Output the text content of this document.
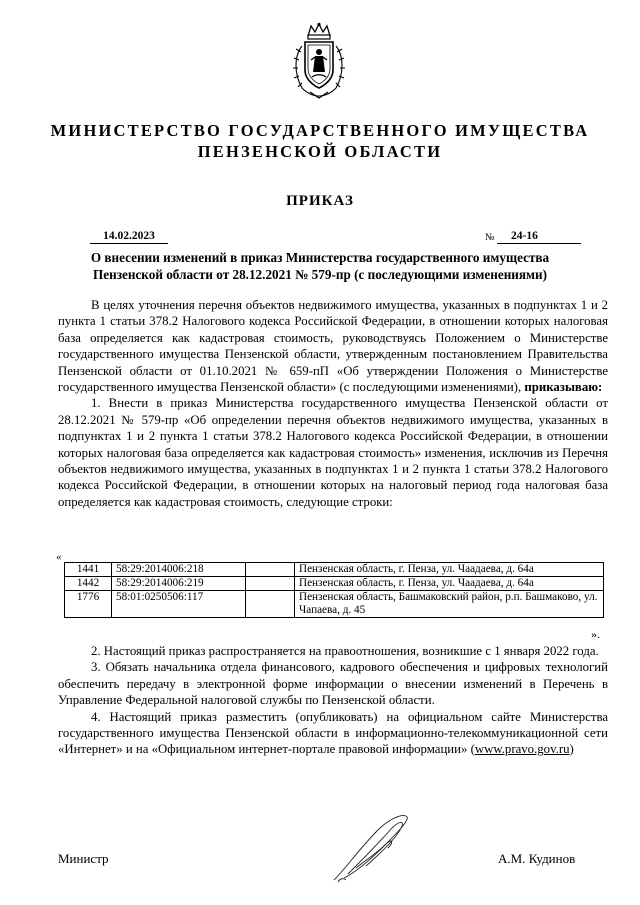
МИНИСТЕРСТВО ГОСУДАРСТВЕННОГО ИМУЩЕСТВА
ПЕНЗЕНСКОЙ ОБЛАСТИ
ПРИКАЗ
14.02.2023	№	24-16
О внесении изменений в приказ Министерства государственного имущества Пензенской области от 28.12.2021 № 579-пр (с последующими изменениями)

В целях уточнения перечня объектов недвижимого имущества, указанных в подпунктах 1 и 2 пункта 1 статьи 378.2 Налогового кодекса Российской Федерации, в отношении которых налоговая база определяется как кадастровая стоимость, руководствуясь Положением о Министерстве государственного имущества Пензенской области, утвержденным постановлением Правительства Пензенской области от 01.10.2021 № 659-пП «Об утверждении Положения о Министерстве государственного имущества Пензенской области» (с последующими изменениями), приказываю:

1. Внести в приказ Министерства государственного имущества Пензенской области от 28.12.2021 № 579-пр «Об определении перечня объектов недвижимого имущества, указанных в подпунктах 1 и 2 пункта 1 статьи 378.2 Налогового кодекса Российской Федерации, в отношении которых налоговая база определяется как кадастровая стоимость» изменения, исключив из Перечня объектов недвижимого имущества, указанных в подпунктах 1 и 2 пункта 1 статьи 378.2 Налогового кодекса Российской Федерации, в отношении которых на налоговый период года налоговая база определяется как кадастровая стоимость, следующие строки:

«
1441	58:29:2014006:218		Пензенская область, г. Пенза, ул. Чаадаева, д. 64а
1442	58:29:2014006:219		Пензенская область, г. Пенза, ул. Чаадаева, д. 64а
1776	58:01:0250506:117		Пензенская область, Башмаковский район, р.п. Башмаково, ул. Чапаева, д. 45
».

2. Настоящий приказ распространяется на правоотношения, возникшие с 1 января 2022 года.

3. Обязать начальника отдела финансового, кадрового обеспечения и цифровых технологий обеспечить передачу в электронной форме информации о внесении изменений в Перечень в Управление Федеральной налоговой службы по Пензенской области.

4. Настоящий приказ разместить (опубликовать) на официальном сайте Министерства государственного имущества Пензенской области в информационно-телекоммуникационной сети «Интернет» и на «Официальном интернет-портале правовой информации» (www.pravo.gov.ru)

Министр	А.М. Кудинов
